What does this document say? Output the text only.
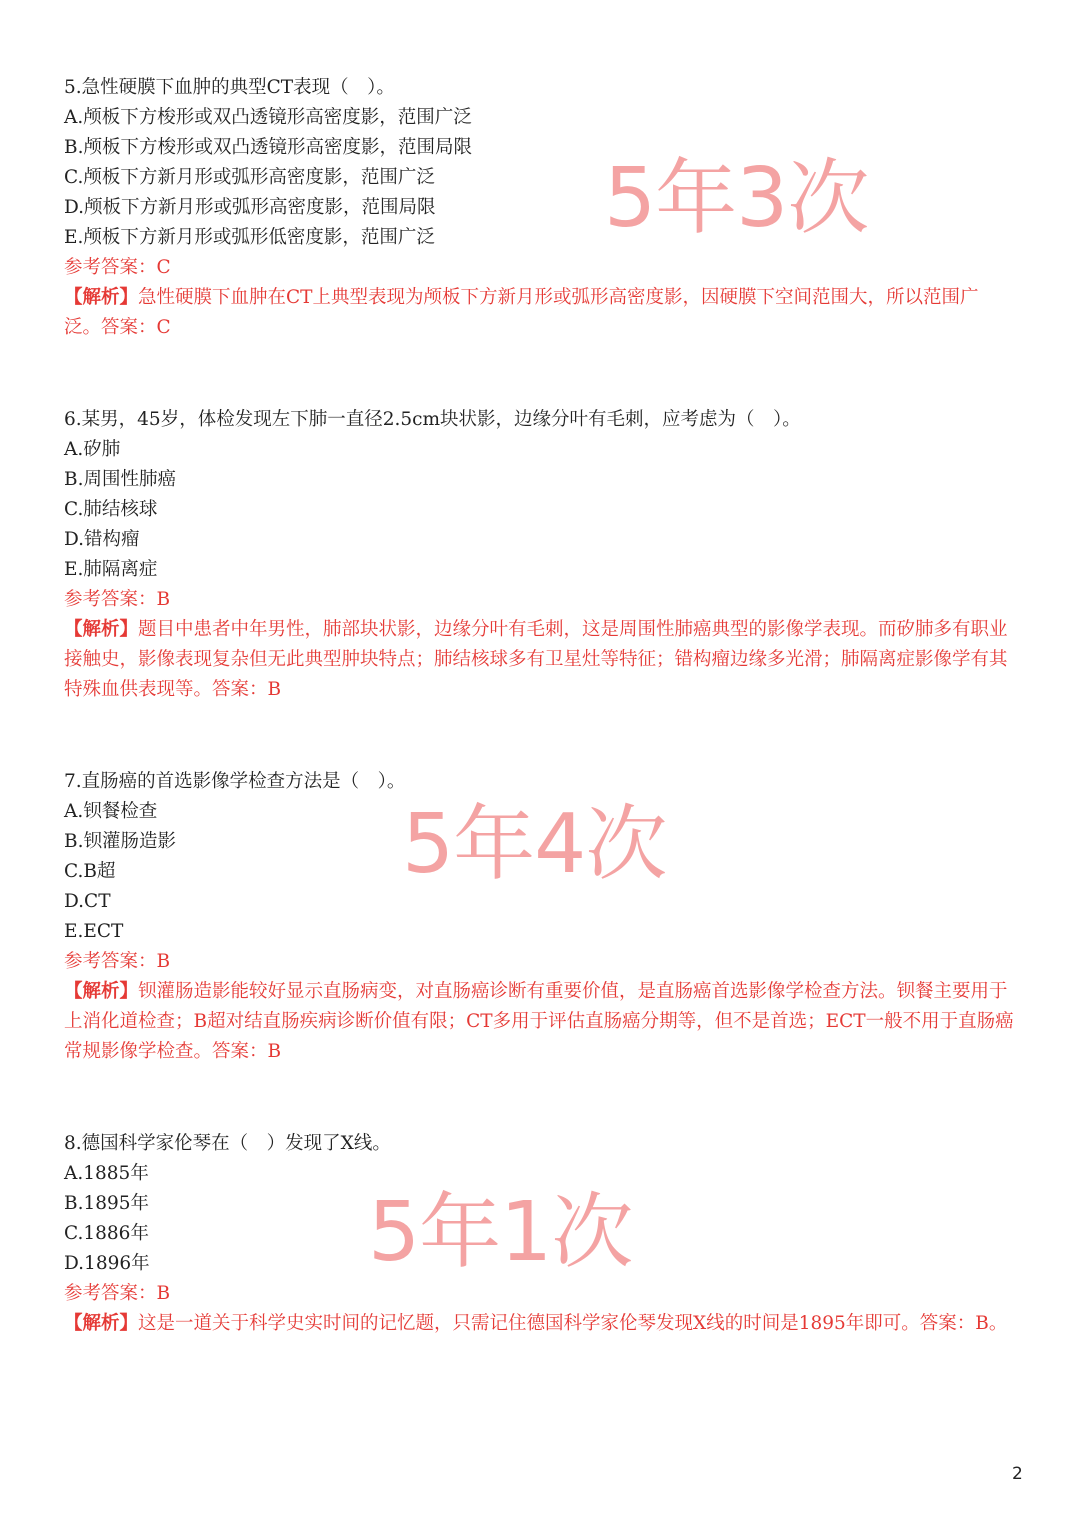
5.急性硬膜下血肿的典型CT表现（　）。
A.颅板下方梭形或双凸透镜形高密度影，范围广泛
B.颅板下方梭形或双凸透镜形高密度影，范围局限
C.颅板下方新月形或弧形高密度影，范围广泛
D.颅板下方新月形或弧形高密度影，范围局限
E.颅板下方新月形或弧形低密度影，范围广泛
参考答案：C
【解析】急性硬膜下血肿在CT上典型表现为颅板下方新月形或弧形高密度影，因硬膜下空间范围大，所以范围广泛。答案：C
5年3次
6.某男，45岁，体检发现左下肺一直径2.5cm块状影，边缘分叶有毛刺，应考虑为（　）。
A.矽肺
B.周围性肺癌
C.肺结核球
D.错构瘤
E.肺隔离症
参考答案：B
【解析】题目中患者中年男性，肺部块状影，边缘分叶有毛刺，这是周围性肺癌典型的影像学表现。而矽肺多有职业接触史，影像表现复杂但无此典型肿块特点；肺结核球多有卫星灶等特征；错构瘤边缘多光滑；肺隔离症影像学有其特殊血供表现等。答案：B
7.直肠癌的首选影像学检查方法是（　）。
A.钡餐检查
B.钡灌肠造影
C.B超
D.CT
E.ECT
参考答案：B
【解析】钡灌肠造影能较好显示直肠病变，对直肠癌诊断有重要价值，是直肠癌首选影像学检查方法。钡餐主要用于上消化道检查；B超对结直肠疾病诊断价值有限；CT多用于评估直肠癌分期等，但不是首选；ECT一般不用于直肠癌常规影像学检查。答案：B
5年4次
8.德国科学家伦琴在（　）发现了X线。
A.1885年
B.1895年
C.1886年
D.1896年
参考答案：B
【解析】这是一道关于科学史实时间的记忆题，只需记住德国科学家伦琴发现X线的时间是1895年即可。答案：B。
5年1次
2
